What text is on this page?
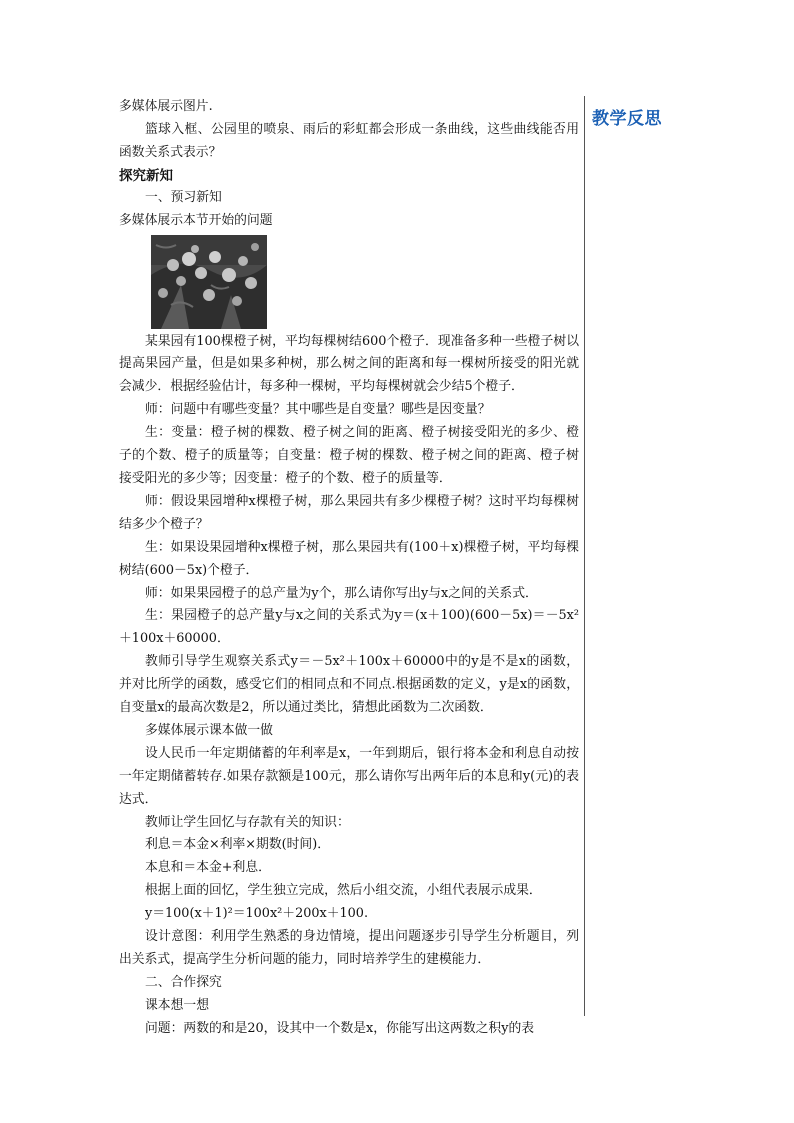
教学反思

多媒体展示图片.

篮球入框、公园里的喷泉、雨后的彩虹都会形成一条曲线，这些曲线能否用函数关系式表示？

探究新知

一、预习新知

多媒体展示本节开始的问题

某果园有100棵橙子树，平均每棵树结600个橙子．现准备多种一些橙子树以提高果园产量，但是如果多种树，那么树之间的距离和每一棵树所接受的阳光就会减少．根据经验估计，每多种一棵树，平均每棵树就会少结5个橙子．

师：问题中有哪些变量？其中哪些是自变量？哪些是因变量？

生：变量：橙子树的棵数、橙子树之间的距离、橙子树接受阳光的多少、橙子的个数、橙子的质量等；自变量：橙子树的棵数、橙子树之间的距离、橙子树接受阳光的多少等；因变量：橙子的个数、橙子的质量等．

师：假设果园增种x棵橙子树，那么果园共有多少棵橙子树？这时平均每棵树结多少个橙子？

生：如果设果园增种x棵橙子树，那么果园共有(100＋x)棵橙子树，平均每棵树结(600－5x)个橙子．

师：如果果园橙子的总产量为y个，那么请你写出y与x之间的关系式．

生：果园橙子的总产量y与x之间的关系式为y＝(x＋100)(600－5x)＝－5x²＋100x＋60000．

教师引导学生观察关系式y＝－5x²＋100x＋60000中的y是不是x的函数，并对比所学的函数，感受它们的相同点和不同点.根据函数的定义，y是x的函数，自变量x的最高次数是2，所以通过类比，猜想此函数为二次函数．

多媒体展示课本做一做

设人民币一年定期储蓄的年利率是x，一年到期后，银行将本金和利息自动按一年定期储蓄转存.如果存款额是100元，那么请你写出两年后的本息和y(元)的表达式．

教师让学生回忆与存款有关的知识：

利息＝本金×利率×期数(时间)．

本息和＝本金+利息．

根据上面的回忆，学生独立完成，然后小组交流，小组代表展示成果．

y＝100(x＋1)²＝100x²＋200x＋100.

设计意图：利用学生熟悉的身边情境，提出问题逐步引导学生分析题目，列出关系式，提高学生分析问题的能力，同时培养学生的建模能力．

二、合作探究

课本想一想

问题：两数的和是20，设其中一个数是x，你能写出这两数之积y的表
